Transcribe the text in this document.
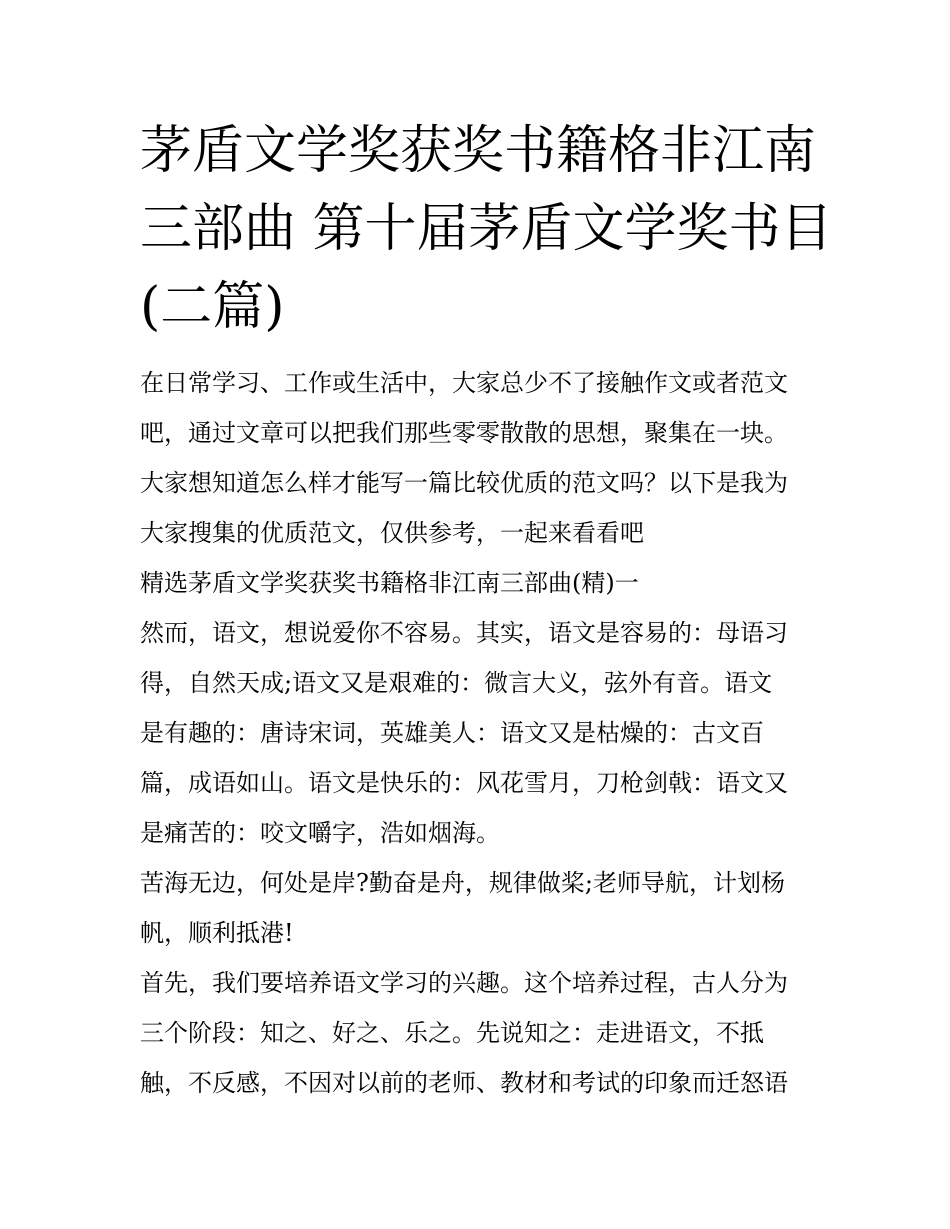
茅盾文学奖获奖书籍格非江南
三部曲 第十届茅盾文学奖书目
(二篇)
在日常学习、工作或生活中，大家总少不了接触作文或者范文
吧，通过文章可以把我们那些零零散散的思想，聚集在一块。
大家想知道怎么样才能写一篇比较优质的范文吗？以下是我为
大家搜集的优质范文，仅供参考，一起来看看吧
精选茅盾文学奖获奖书籍格非江南三部曲(精)一
然而，语文，想说爱你不容易。其实，语文是容易的：母语习
得，自然天成;语文又是艰难的：微言大义，弦外有音。语文
是有趣的：唐诗宋词，英雄美人：语文又是枯燥的：古文百
篇，成语如山。语文是快乐的：风花雪月，刀枪剑戟：语文又
是痛苦的：咬文嚼字，浩如烟海。
苦海无边，何处是岸?勤奋是舟，规律做桨;老师导航，计划杨
帆，顺利抵港!
首先，我们要培养语文学习的兴趣。这个培养过程，古人分为
三个阶段：知之、好之、乐之。先说知之：走进语文，不抵
触，不反感，不因对以前的老师、教材和考试的印象而迁怒语
